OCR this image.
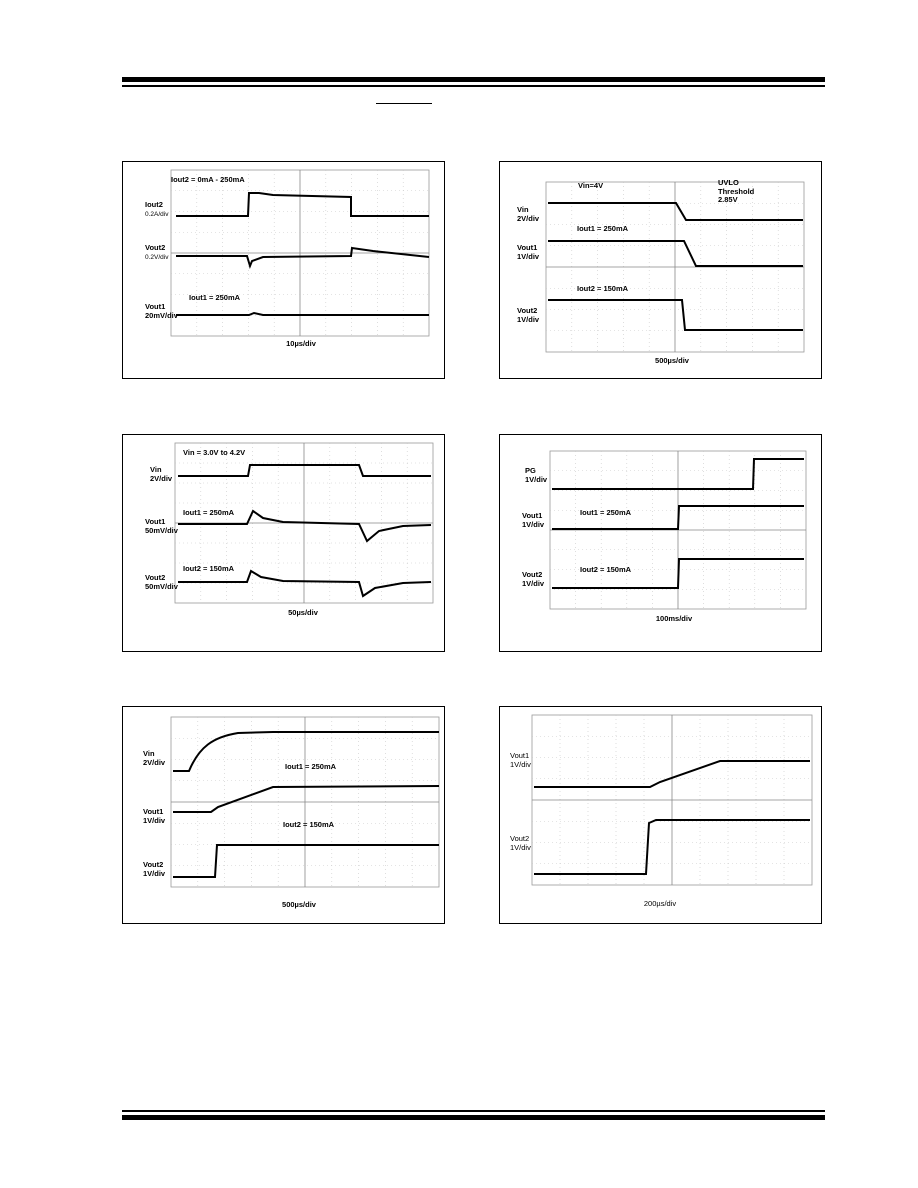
Iout2
0.2A/div
Vout2
0.2V/div
Vout1
20mV/div
Iout2 = 0mA - 250mA
Iout1 = 250mA
10µs/div
Vin
2V/div
Vout1
1V/div
Vout2
1V/div
Vin=4V	UVLO
Threshold
2.85V
Iout1 = 250mA
Iout2 = 150mA
500µs/div
Vin
2V/div
Vout1
50mV/div
Vout2
50mV/div
Vin = 3.0V to 4.2V
Iout1 = 250mA
Iout2 = 150mA
50µs/div
PG
1V/div
Vout1
1V/div
Vout2
1V/div
Iout1 = 250mA
Iout2 = 150mA
100ms/div
Vin
2V/div
Vout1
1V/div
Vout2
1V/div
Iout1 = 250mA
Iout2 = 150mA
500µs/div
Vout1
1V/div
Vout2
1V/div
200µs/div
